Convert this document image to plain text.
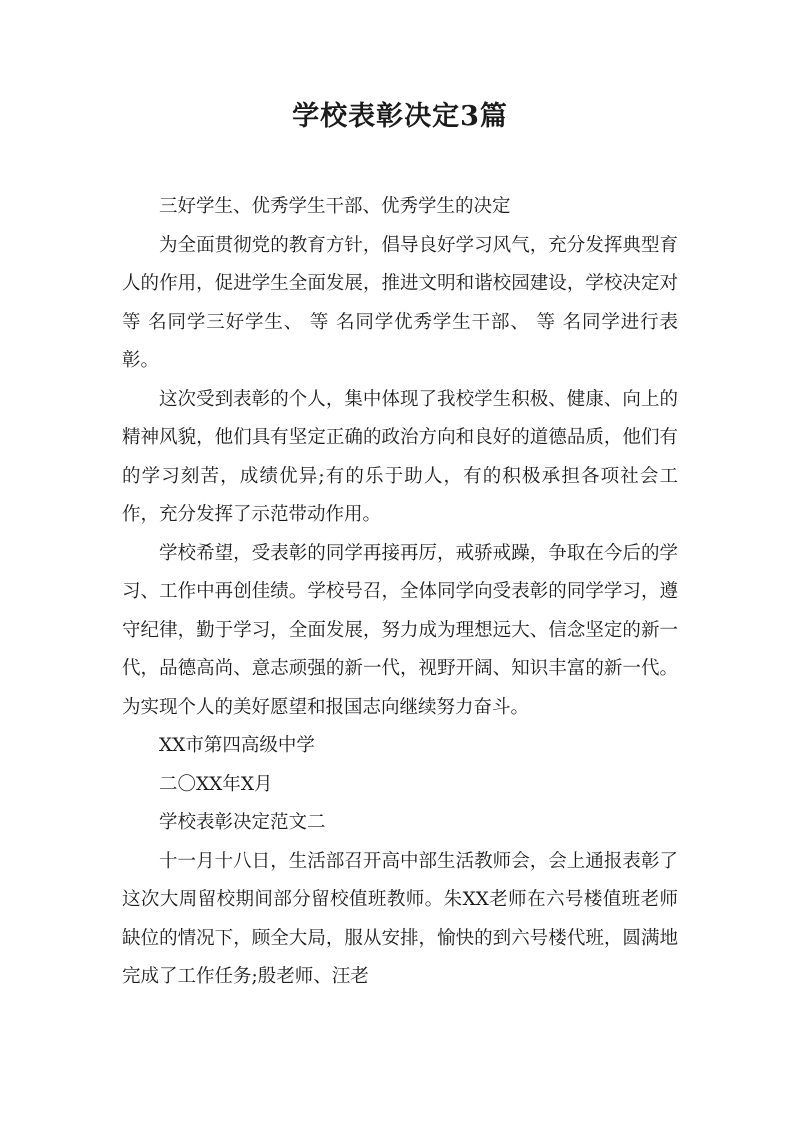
学校表彰决定3篇

三好学生、优秀学生干部、优秀学生的决定

为全面贯彻党的教育方针，倡导良好学习风气，充分发挥典型育人的作用，促进学生全面发展，推进文明和谐校园建设，学校决定对 等 名同学三好学生、 等 名同学优秀学生干部、 等 名同学进行表彰。

这次受到表彰的个人，集中体现了我校学生积极、健康、向上的精神风貌，他们具有坚定正确的政治方向和良好的道德品质，他们有的学习刻苦，成绩优异;有的乐于助人，有的积极承担各项社会工作，充分发挥了示范带动作用。

学校希望，受表彰的同学再接再厉，戒骄戒躁，争取在今后的学习、工作中再创佳绩。学校号召，全体同学向受表彰的同学学习，遵守纪律，勤于学习，全面发展，努力成为理想远大、信念坚定的新一代，品德高尚、意志顽强的新一代，视野开阔、知识丰富的新一代。为实现个人的美好愿望和报国志向继续努力奋斗。

XX市第四高级中学

二〇XX年X月

学校表彰决定范文二

十一月十八日，生活部召开高中部生活教师会，会上通报表彰了这次大周留校期间部分留校值班教师。朱XX老师在六号楼值班老师缺位的情况下，顾全大局，服从安排，愉快的到六号楼代班，圆满地完成了工作任务;殷老师、汪老
